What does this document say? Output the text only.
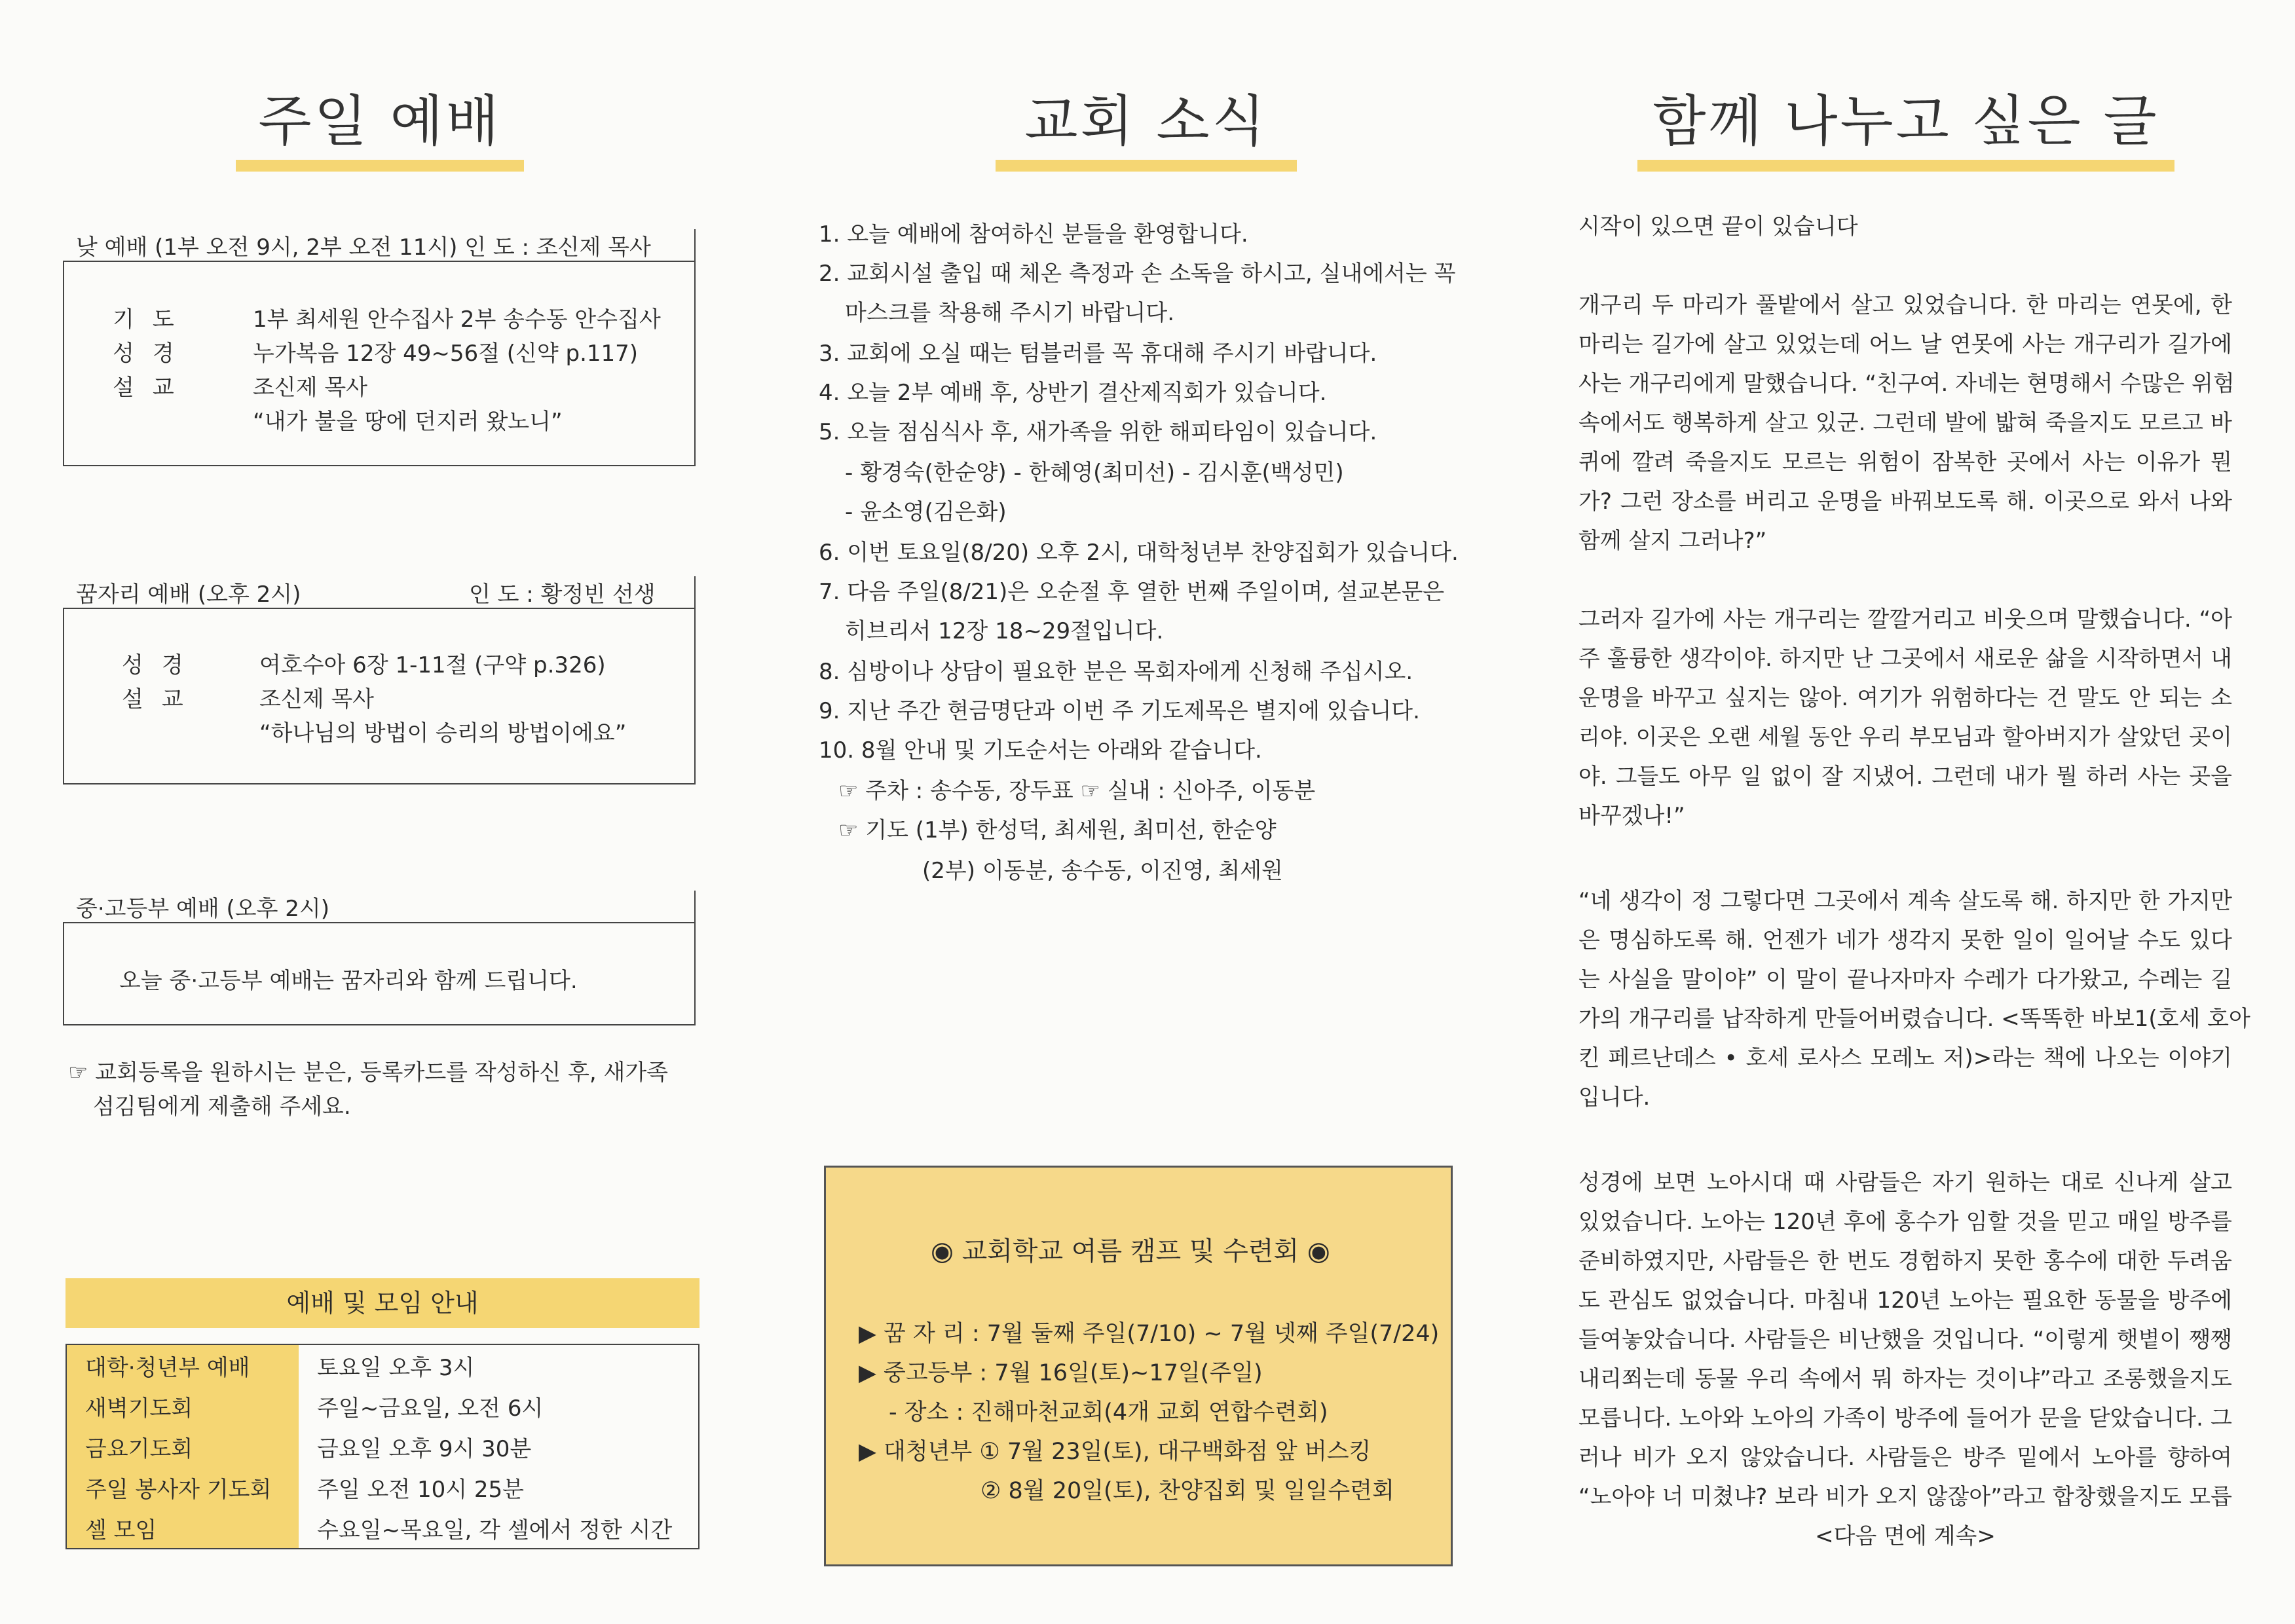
주일 예배
낮 예배 (1부 오전 9시, 2부 오전 11시) 인 도 : 조신제 목사
기도	1부 최세원 안수집사 2부 송수동 안수집사
성경	누가복음 12장 49~56절 (신약 p.117)
설교	조신제 목사
“내가 불을 땅에 던지러 왔노니”
꿈자리 예배 (오후 2시)	인 도 : 황정빈 선생
성경	여호수아 6장 1-11절 (구약 p.326)
설교	조신제 목사
“하나님의 방법이 승리의 방법이에요”
중·고등부 예배 (오후 2시)
오늘 중·고등부 예배는 꿈자리와 함께 드립니다.
☞ 교회등록을 원하시는 분은, 등록카드를 작성하신 후, 새가족
섬김팀에게 제출해 주세요.
예배 및 모임 안내
대학·청년부 예배	토요일 오후 3시
새벽기도회	주일~금요일, 오전 6시
금요기도회	금요일 오후 9시 30분
주일 봉사자 기도회	주일 오전 10시 25분
셀 모임	수요일~목요일, 각 셀에서 정한 시간
교회 소식
1. 오늘 예배에 참여하신 분들을 환영합니다.
2. 교회시설 출입 때 체온 측정과 손 소독을 하시고, 실내에서는 꼭
마스크를 착용해 주시기 바랍니다.
3. 교회에 오실 때는 텀블러를 꼭 휴대해 주시기 바랍니다.
4. 오늘 2부 예배 후, 상반기 결산제직회가 있습니다.
5. 오늘 점심식사 후, 새가족을 위한 해피타임이 있습니다.
- 황경숙(한순양) - 한혜영(최미선) - 김시훈(백성민)
- 윤소영(김은화)
6. 이번 토요일(8/20) 오후 2시, 대학청년부 찬양집회가 있습니다.
7. 다음 주일(8/21)은 오순절 후 열한 번째 주일이며, 설교본문은
히브리서 12장 18~29절입니다.
8. 심방이나 상담이 필요한 분은 목회자에게 신청해 주십시오.
9. 지난 주간 현금명단과 이번 주 기도제목은 별지에 있습니다.
10. 8월 안내 및 기도순서는 아래와 같습니다.
☞ 주차 : 송수동, 장두표 ☞ 실내 : 신아주, 이동분
☞ 기도 (1부) 한성덕, 최세원, 최미선, 한순양
(2부) 이동분, 송수동, 이진영, 최세원
◉ 교회학교 여름 캠프 및 수련회 ◉
▶ 꿈 자 리 : 7월 둘째 주일(7/10) ~ 7월 넷째 주일(7/24)
▶ 중고등부 : 7월 16일(토)~17일(주일)
- 장소 : 진해마천교회(4개 교회 연합수련회)
▶ 대청년부 ① 7월 23일(토), 대구백화점 앞 버스킹
② 8월 20일(토), 찬양집회 및 일일수련회
함께 나누고 싶은 글
시작이 있으면 끝이 있습니다
개구리 두 마리가 풀밭에서 살고 있었습니다. 한 마리는 연못에, 한
마리는 길가에 살고 있었는데 어느 날 연못에 사는 개구리가 길가에
사는 개구리에게 말했습니다. “친구여. 자네는 현명해서 수많은 위험
속에서도 행복하게 살고 있군. 그런데 발에 밟혀 죽을지도 모르고 바
퀴에 깔려 죽을지도 모르는 위험이 잠복한 곳에서 사는 이유가 뭔
가? 그런 장소를 버리고 운명을 바꿔보도록 해. 이곳으로 와서 나와
함께 살지 그러나?”
그러자 길가에 사는 개구리는 깔깔거리고 비웃으며 말했습니다. “아
주 훌륭한 생각이야. 하지만 난 그곳에서 새로운 삶을 시작하면서 내
운명을 바꾸고 싶지는 않아. 여기가 위험하다는 건 말도 안 되는 소
리야. 이곳은 오랜 세월 동안 우리 부모님과 할아버지가 살았던 곳이
야. 그들도 아무 일 없이 잘 지냈어. 그런데 내가 뭘 하러 사는 곳을
바꾸겠나!”
“네 생각이 정 그렇다면 그곳에서 계속 살도록 해. 하지만 한 가지만
은 명심하도록 해. 언젠가 네가 생각지 못한 일이 일어날 수도 있다
는 사실을 말이야” 이 말이 끝나자마자 수레가 다가왔고, 수레는 길
가의 개구리를 납작하게 만들어버렸습니다. <똑똑한 바보1(호세 호아
킨 페르난데스 • 호세 로사스 모레노 저)>라는 책에 나오는 이야기
입니다.
성경에 보면 노아시대 때 사람들은 자기 원하는 대로 신나게 살고
있었습니다. 노아는 120년 후에 홍수가 임할 것을 믿고 매일 방주를
준비하였지만, 사람들은 한 번도 경험하지 못한 홍수에 대한 두려움
도 관심도 없었습니다. 마침내 120년 노아는 필요한 동물을 방주에
들여놓았습니다. 사람들은 비난했을 것입니다. “이렇게 햇볕이 쨍쨍
내리쬐는데 동물 우리 속에서 뭐 하자는 것이냐”라고 조롱했을지도
모릅니다. 노아와 노아의 가족이 방주에 들어가 문을 닫았습니다. 그
러나 비가 오지 않았습니다. 사람들은 방주 밑에서 노아를 향하여
“노아야 너 미쳤냐? 보라 비가 오지 않잖아”라고 합창했을지도 모릅
<다음 면에 계속>
